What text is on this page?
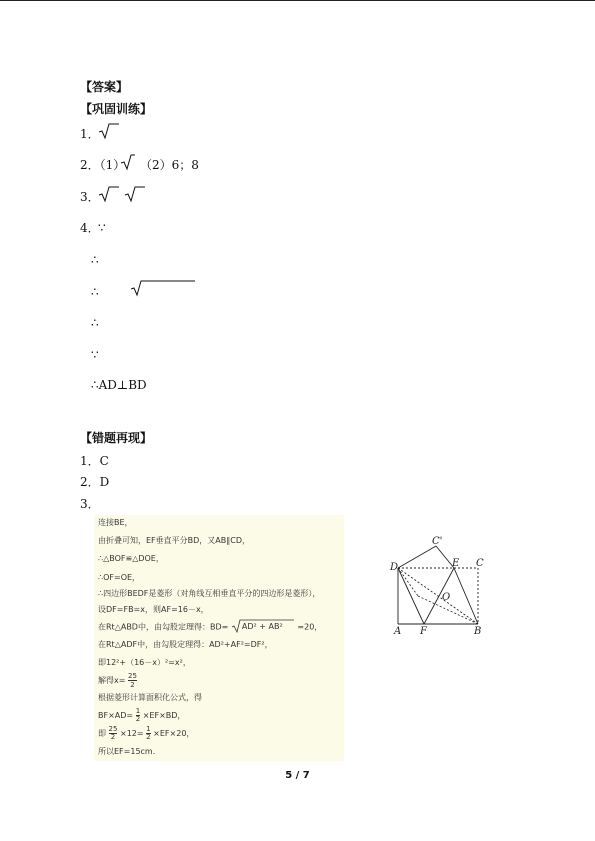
【答案】
【巩固训练】
1．
2．（1） （2）6；8
3．
4．
∵
∴
∴
∴
∵
∴AD⊥BD
【错题再现】
1．C
2．D
3．
连接BE，
由折叠可知，EF垂直平分BD，又AB∥CD，
∴△BOF≌△DOE，
∴OF=OE，
∴四边形BEDF是菱形（对角线互相垂直平分的四边形是菱形），
设DF=FB=x，则AF=16－x，
在Rt△ABD中，由勾股定理得：BD= AD² + AB² =20，
在Rt△ADF中，由勾股定理得：AD²+AF²=DF²，
即12²+（16－x）²=x²，
解得$x= \frac{25}{2}$
根据菱形计算面积化公式，得
$BF\times AD= \frac{1}{2} \times EF\times BD$，
即 $\frac{25}{2} \times 12= \frac{1}{2} \times EF\times 20$，
所以EF=15cm．
C'
D	E C
O
A F	B
5 / 7
